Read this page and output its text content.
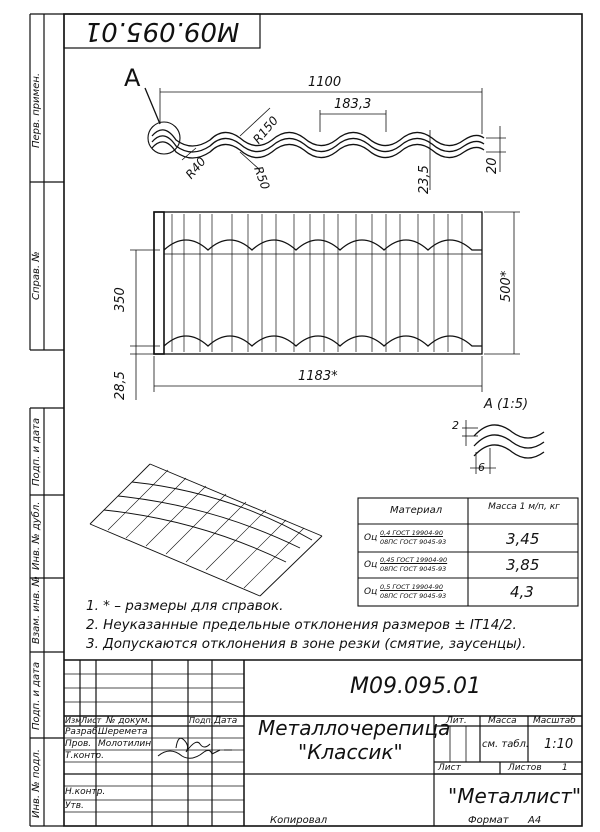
М09.095.01
Перв. примен.
Справ. №
Подп. и дата
Инв. № дубл.
Взам. инв. №
Подп. и дата
Инв. № подл.
А	1100
183,3
R150
R40	R50	23,5	20
350	500*
1183*
28,5
А (1:5)
2
6
Материал	Масса 1 м/п, кг
Оц 0,4 ГОСТ 19904-90
08ПС ГОСТ 9045-93	3,45
Оц 0,45 ГОСТ 19904-90
08ПС ГОСТ 9045-93	3,85
Оц 0,5 ГОСТ 19904-90
08ПС ГОСТ 9045-93	4,3
1. * – размеры для справок.
2. Неуказанные предельные отклонения размеров ± IT14/2.
3. Допускаются отклонения в зоне резки (смятие, заусенцы).
М09.095.01
Металлочерепица
"Классик"
Изм Лист № докум.	Подп. Дата
Разраб.
Шеремета
Пров. Молотилин
Т.контр.
Н.контр.
Утв.
Лит. Масса Масштаб
см. табл. 1:10
Лист	Листов 1
"Металлист"
Копировал	Формат А4
